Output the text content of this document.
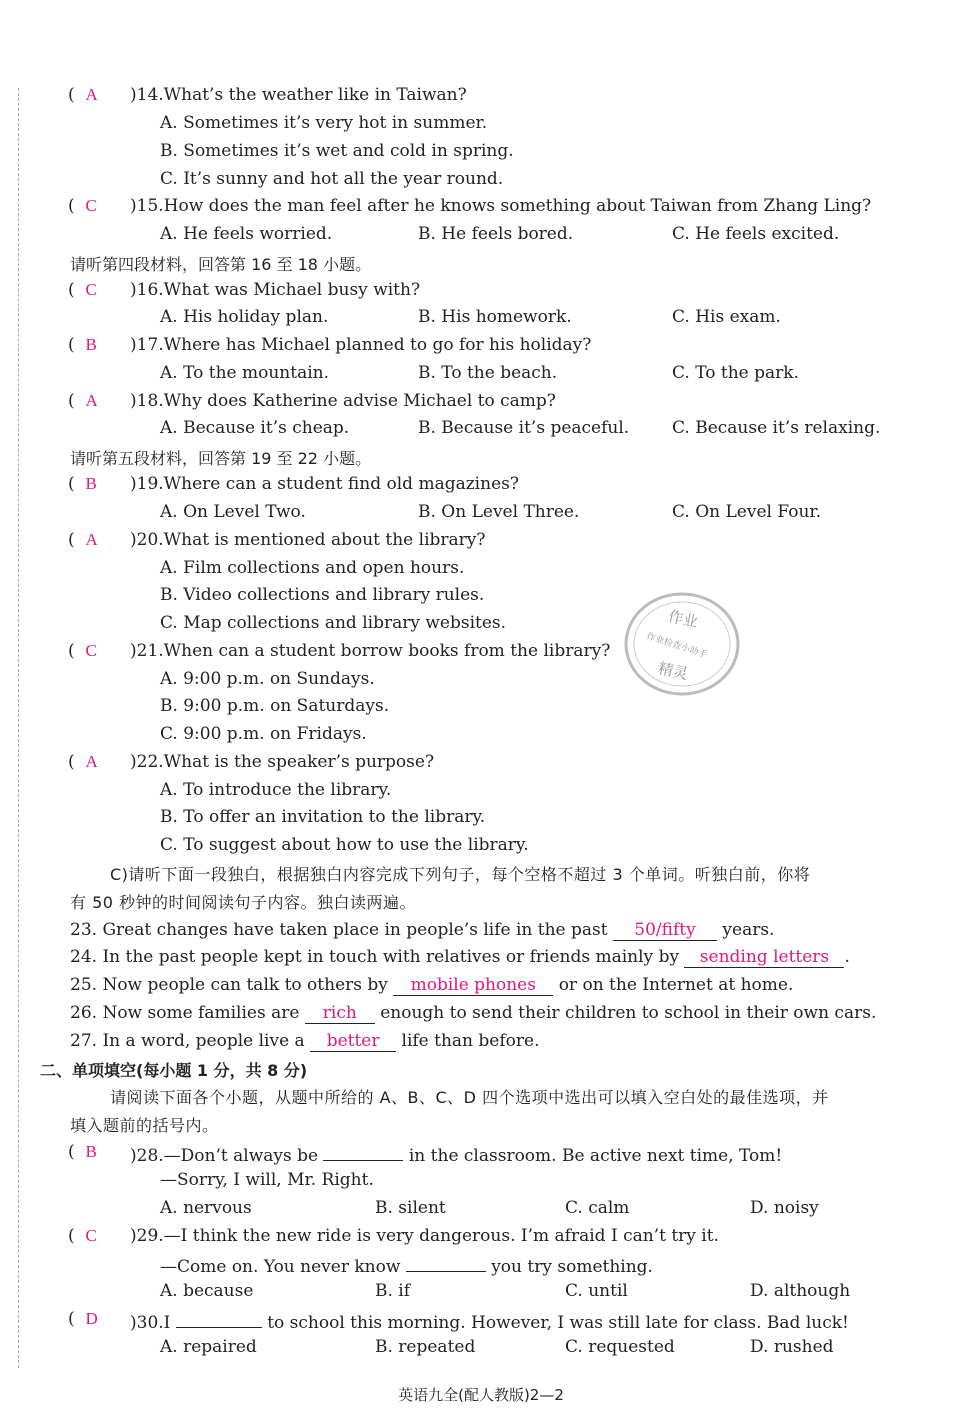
( A	)14.What’s the weather like in Taiwan?
A. Sometimes it’s very hot in summer.
B. Sometimes it’s wet and cold in spring.
C. It’s sunny and hot all the year round.
( C	)15.How does the man feel after he knows something about Taiwan from Zhang Ling?
A. He feels worried.	B. He feels bored.	C. He feels excited.
请听第四段材料，回答第 16 至 18 小题。
( C	)16.What was Michael busy with?
A. His holiday plan.	B. His homework.	C. His exam.
( B	)17.Where has Michael planned to go for his holiday?
A. To the mountain.	B. To the beach.	C. To the park.
( A	)18.Why does Katherine advise Michael to camp?
A. Because it’s cheap.	B. Because it’s peaceful.	C. Because it’s relaxing.
请听第五段材料，回答第 19 至 22 小题。
( B	)19.Where can a student find old magazines?
A. On Level Two.	B. On Level Three.	C. On Level Four.
( A	)20.What is mentioned about the library?
A. Film collections and open hours.
B. Video collections and library rules.
C. Map collections and library websites.
( C	)21.When can a student borrow books from the library?
A. 9:00 p.m. on Sundays.
B. 9:00 p.m. on Saturdays.
C. 9:00 p.m. on Fridays.
( A	)22.What is the speaker’s purpose?
A. To introduce the library.
B. To offer an invitation to the library.
C. To suggest about how to use the library.
C)请听下面一段独白，根据独白内容完成下列句子，每个空格不超过 3 个单词。听独白前，你将
有 50 秒钟的时间阅读句子内容。独白读两遍。
23. Great changes have taken place in people’s life in the past 50/fifty years.
24. In the past people kept in touch with relatives or friends mainly by sending letters .
25. Now people can talk to others by mobile phones or on the Internet at home.
26. Now some families are rich enough to send their children to school in their own cars.
27. In a word, people live a better life than before.
二、单项填空(每小题 1 分，共 8 分)
请阅读下面各个小题，从题中所给的 A、B、C、D 四个选项中选出可以填入空白处的最佳选项，并
填入题前的括号内。
( B	)28.—Don’t always be	in the classroom. Be active next time, Tom!
—Sorry, I will, Mr. Right.
A. nervous	B. silent	C. calm	D. noisy
( C	)29.—I think the new ride is very dangerous. I’m afraid I can’t try it.
—Come on. You never know	you try something.
A. because	B. if	C. until	D. although
( D	)30.I	to school this morning. However, I was still late for class. Bad luck!
A. repaired	B. repeated	C. requested	D. rushed
作业
作业检查小助手
精灵
英语九全(配人教版)2—2
